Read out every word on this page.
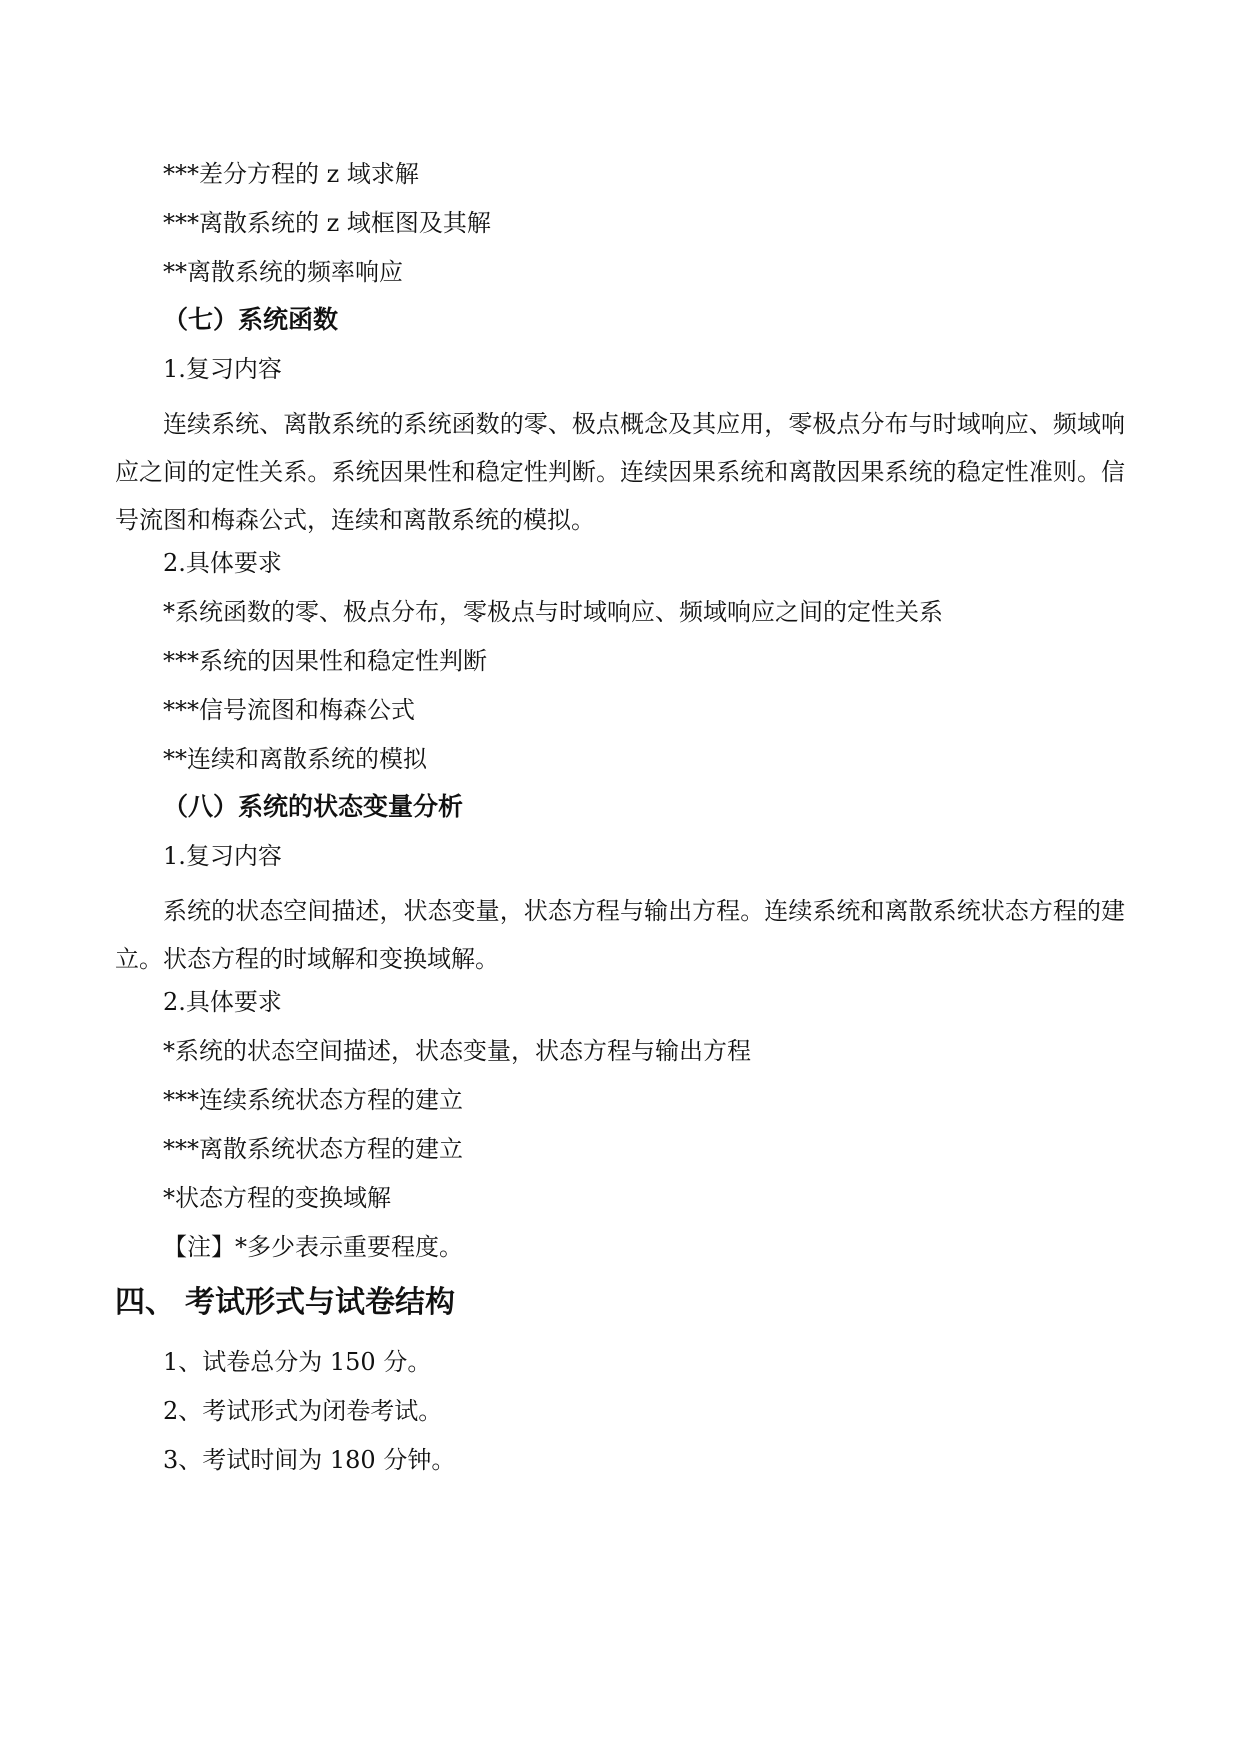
***差分方程的 z 域求解
***离散系统的 z 域框图及其解
**离散系统的频率响应
（七）系统函数
1.复习内容
连续系统、离散系统的系统函数的零、极点概念及其应用，零极点分布与时域响应、频域响应之间的定性关系。系统因果性和稳定性判断。连续因果系统和离散因果系统的稳定性准则。信号流图和梅森公式，连续和离散系统的模拟。
2.具体要求
*系统函数的零、极点分布，零极点与时域响应、频域响应之间的定性关系
***系统的因果性和稳定性判断
***信号流图和梅森公式
**连续和离散系统的模拟
（八）系统的状态变量分析
1.复习内容
系统的状态空间描述，状态变量，状态方程与输出方程。连续系统和离散系统状态方程的建立。状态方程的时域解和变换域解。
2.具体要求
*系统的状态空间描述，状态变量，状态方程与输出方程
***连续系统状态方程的建立
***离散系统状态方程的建立
*状态方程的变换域解
【注】*多少表示重要程度。
四、 考试形式与试卷结构
1、试卷总分为 150 分。
2、考试形式为闭卷考试。
3、考试时间为 180 分钟。
